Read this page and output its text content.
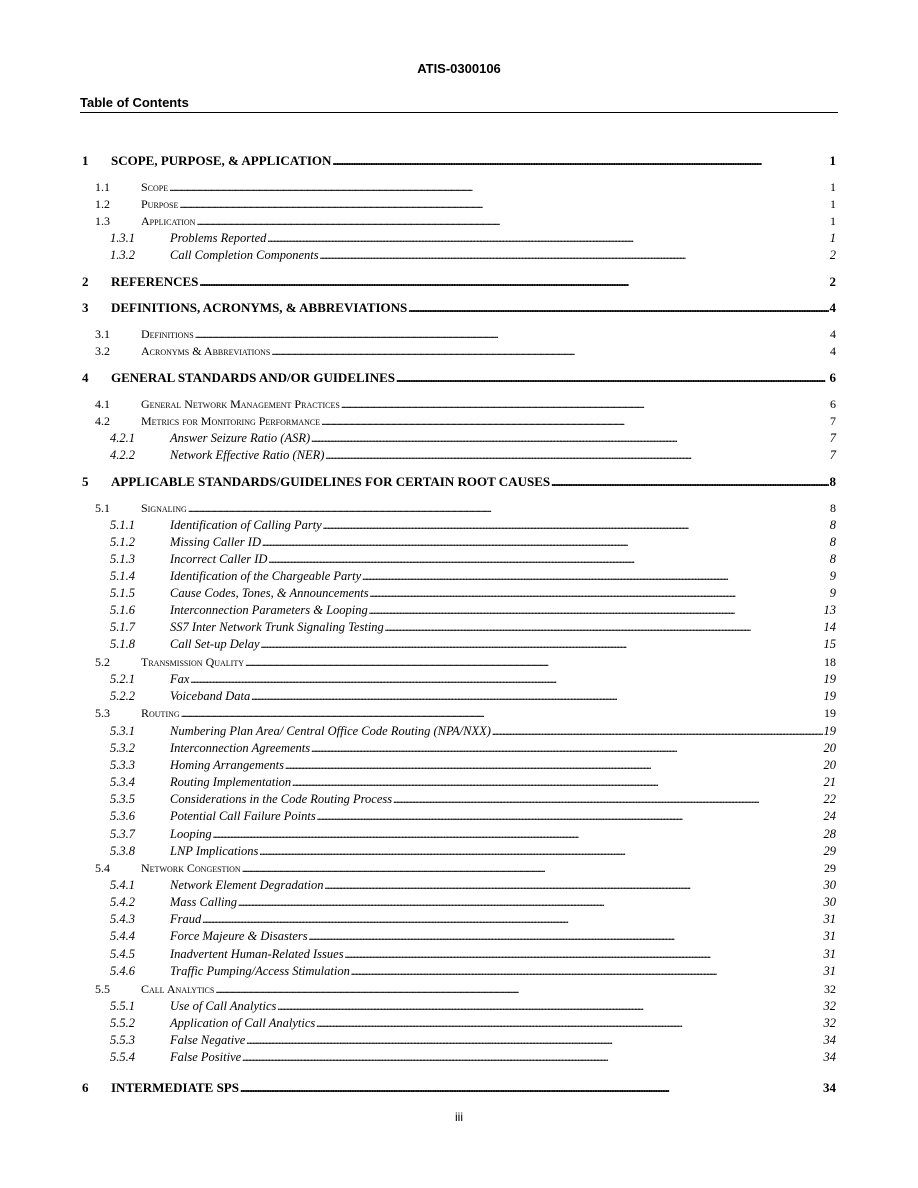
ATIS-0300106
Table of Contents
1	SCOPE, PURPOSE, & APPLICATION . . .	1
1.1	Scope . . .	1
1.2	Purpose . . .	1
1.3	Application . . .	1
1.3.1	Problems Reported . . .	1
1.3.2	Call Completion Components . . .	2
2	REFERENCES . . .	2
3	DEFINITIONS, ACRONYMS, & ABBREVIATIONS . . .	4
3.1	Definitions . . .	4
3.2	Acronyms & Abbreviations . . .	4
4	GENERAL STANDARDS AND/OR GUIDELINES . . .	6
4.1	General Network Management Practices . . .	6
4.2	Metrics for Monitoring Performance . . .	7
4.2.1	Answer Seizure Ratio (ASR) . . .	7
4.2.2	Network Effective Ratio (NER) . . .	7
5	APPLICABLE STANDARDS/GUIDELINES FOR CERTAIN ROOT CAUSES . . .	8
5.1	Signaling . . .	8
5.1.1	Identification of Calling Party . . .	8
5.1.2	Missing Caller ID . . .	8
5.1.3	Incorrect Caller ID . . .	8
5.1.4	Identification of the Chargeable Party . . .	9
5.1.5	Cause Codes, Tones, & Announcements . . .	9
5.1.6	Interconnection Parameters & Looping . . .	13
5.1.7	SS7 Inter Network Trunk Signaling Testing . . .	14
5.1.8	Call Set-up Delay . . .	15
5.2	Transmission Quality . . .	18
5.2.1	Fax . . .	19
5.2.2	Voiceband Data . . .	19
5.3	Routing . . .	19
5.3.1	Numbering Plan Area/ Central Office Code Routing (NPA/NXX) . . .	19
5.3.2	Interconnection Agreements . . .	20
5.3.3	Homing Arrangements . . .	20
5.3.4	Routing Implementation . . .	21
5.3.5	Considerations in the Code Routing Process . . .	22
5.3.6	Potential Call Failure Points . . .	24
5.3.7	Looping . . .	28
5.3.8	LNP Implications . . .	29
5.4	Network Congestion . . .	29
5.4.1	Network Element Degradation . . .	30
5.4.2	Mass Calling . . .	30
5.4.3	Fraud . . .	31
5.4.4	Force Majeure & Disasters . . .	31
5.4.5	Inadvertent Human-Related Issues . . .	31
5.4.6	Traffic Pumping/Access Stimulation . . .	31
5.5	Call Analytics . . .	32
5.5.1	Use of Call Analytics . . .	32
5.5.2	Application of Call Analytics . . .	32
5.5.3	False Negative . . .	34
5.5.4	False Positive . . .	34
6	INTERMEDIATE SPS . . .	34
iii
